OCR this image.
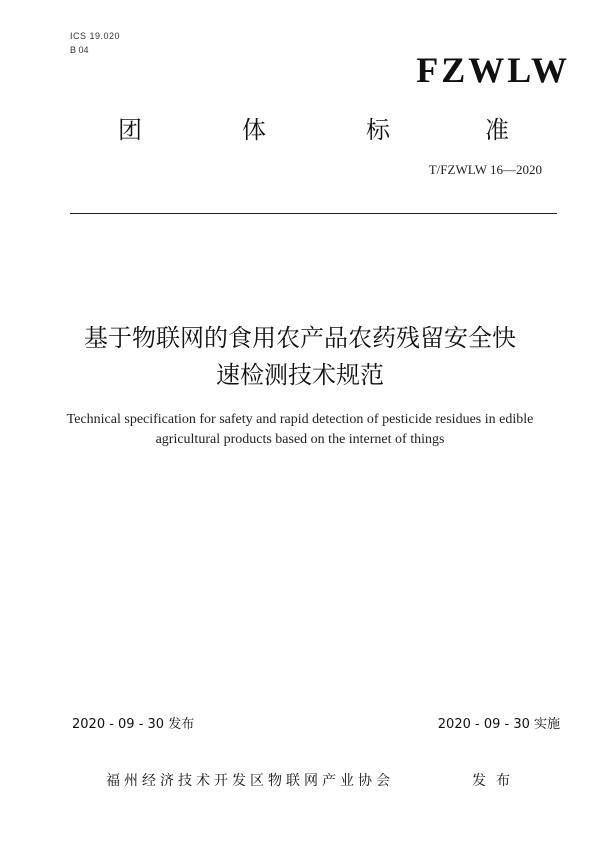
ICS 19.020
B 04	FZWLW
团	体	标	准
T/FZWLW 16—2020
基于物联网的食用农产品农药残留安全快
速检测技术规范
Technical specification for safety and rapid detection of pesticide residues in edible
agricultural products based on the internet of things
2020 - 09 - 30 发布	2020 - 09 - 30 实施
福州经济技术开发区物联网产业协会	发布
